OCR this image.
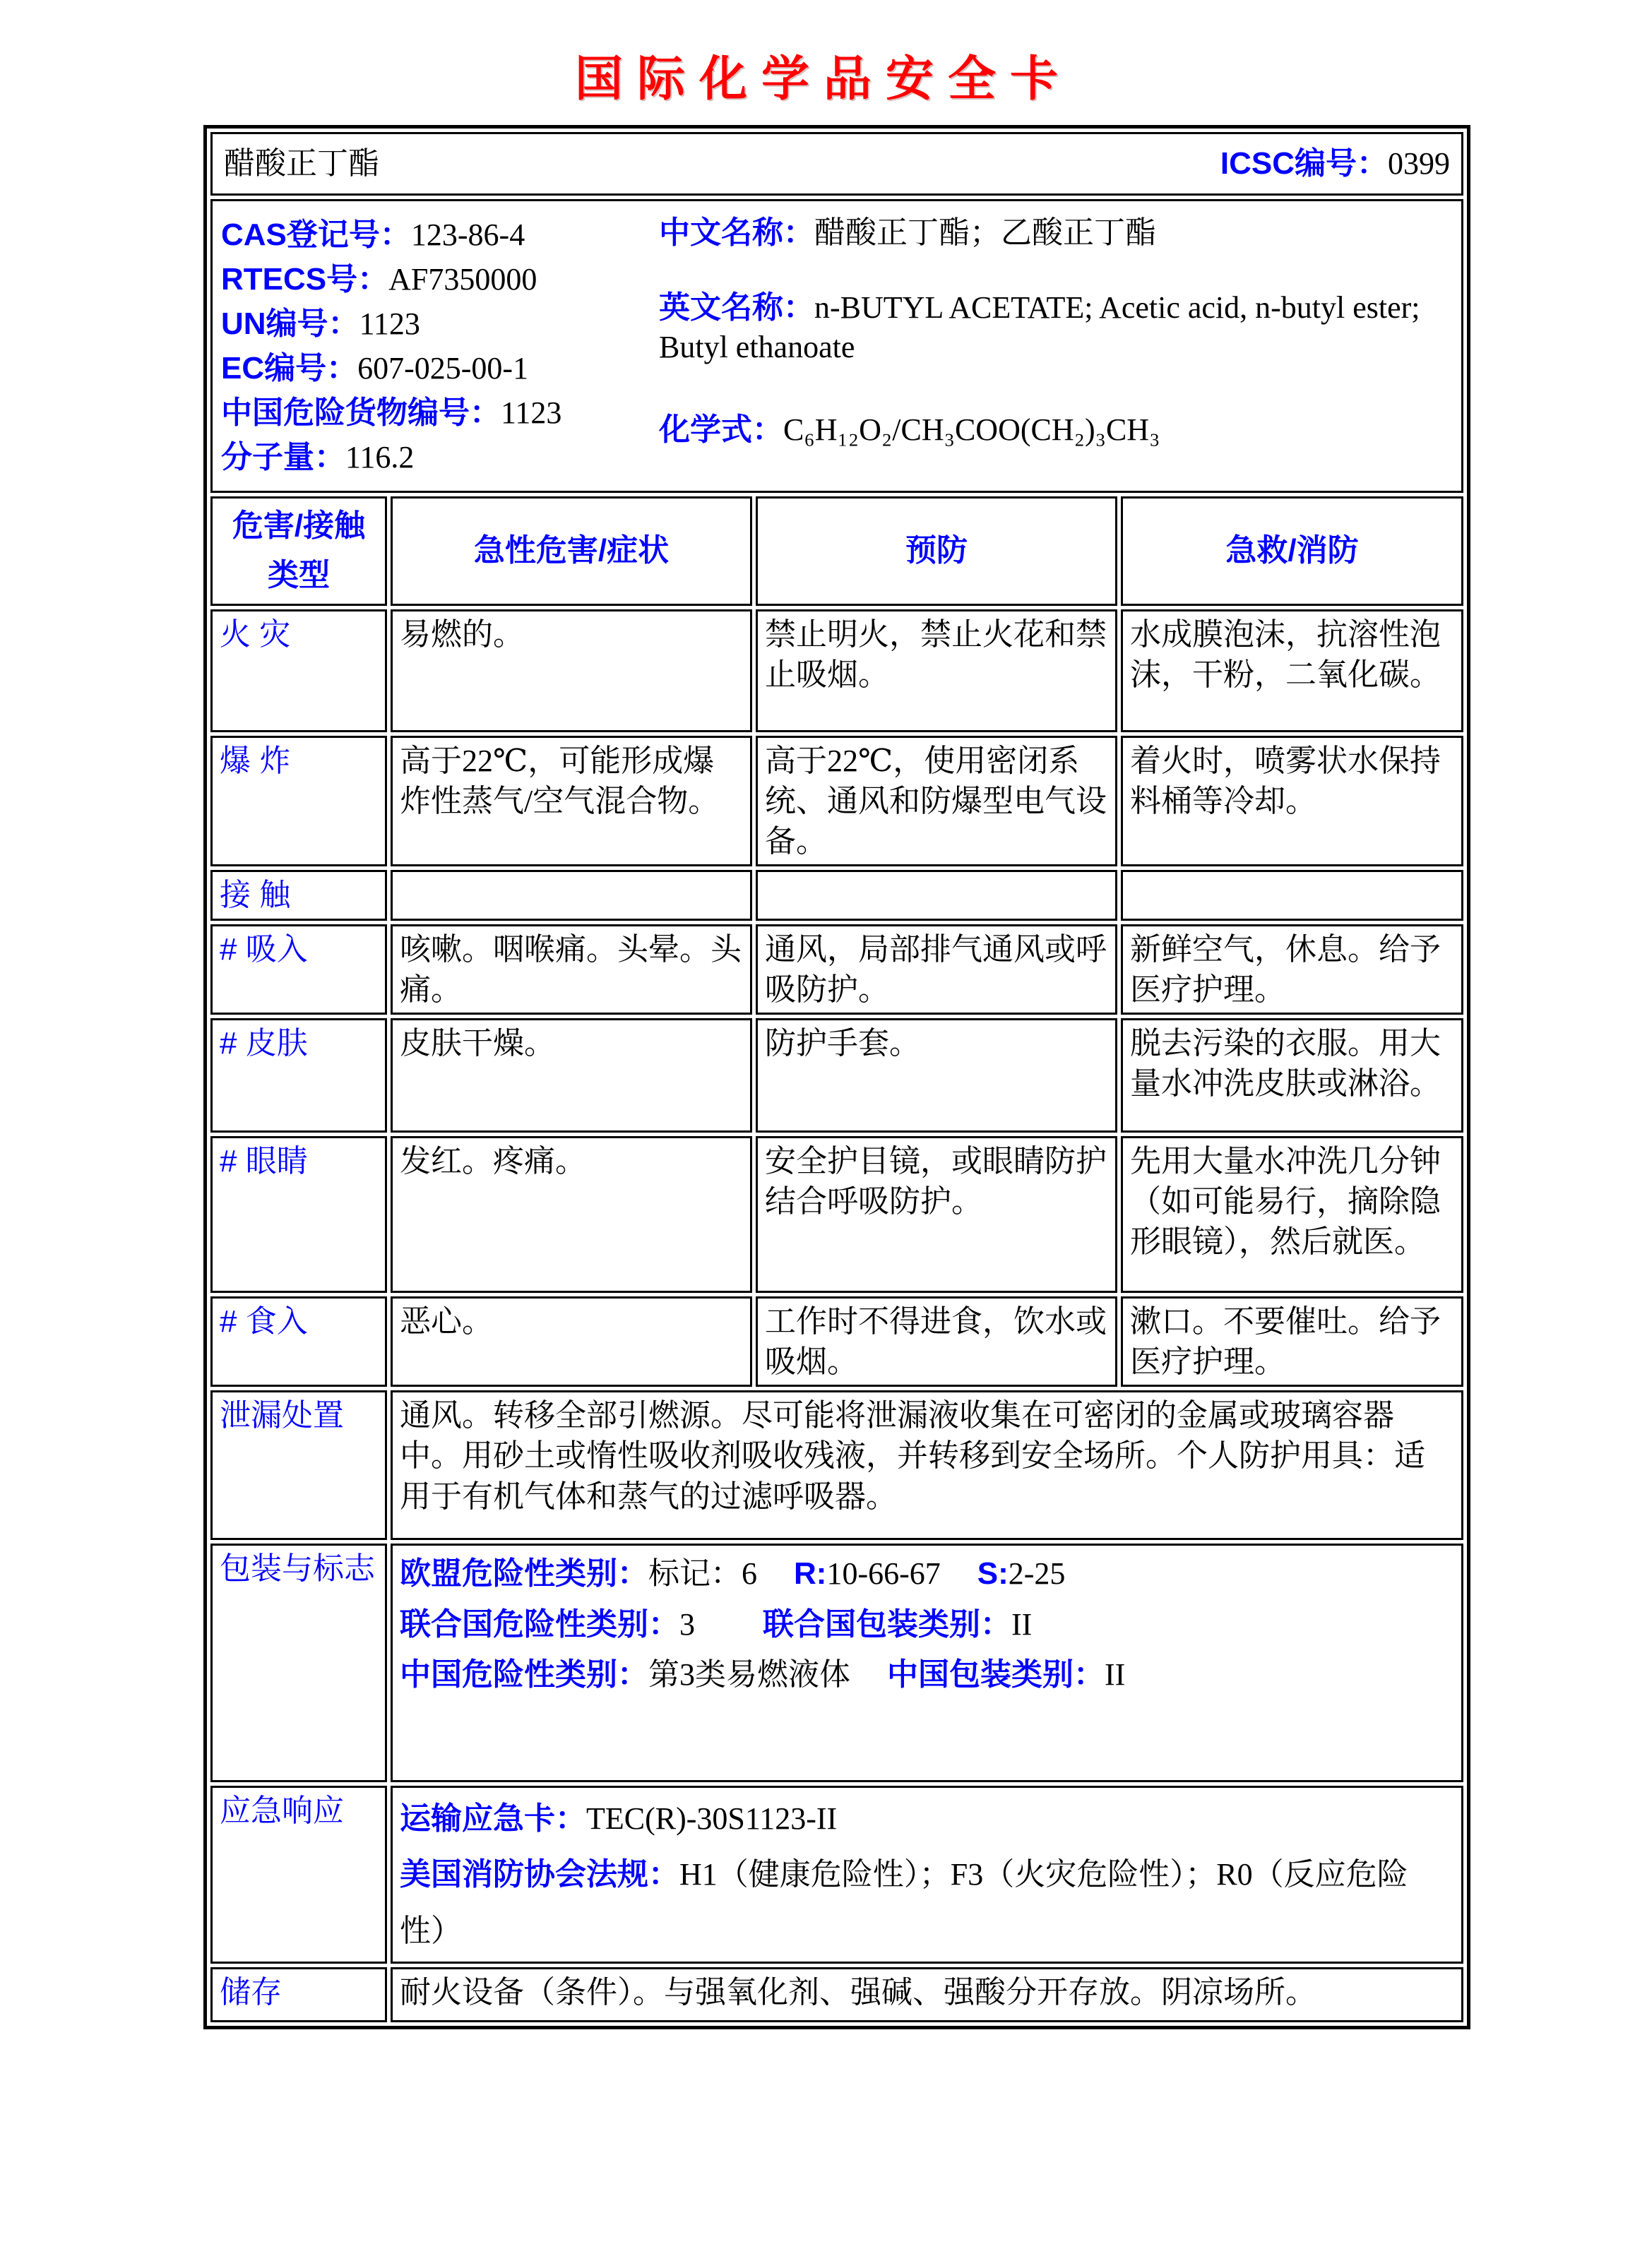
国际化学品安全卡
醋酸正丁酯 ICSC编号：0399			

CAS登记号：123-86-4
RTECS号：AF7350000
UN编号：1123
EC编号：607-025-00-1
中国危险货物编号：1123
分子量：116.2
中文名称：醋酸正丁酯；乙酸正丁酯
英文名称：n-BUTYL ACETATE; Acetic acid, n-butyl ester; Butyl ethanoate
化学式：C₆H₁₂O₂/CH₃COO(CH₂)₃CH₃

危害/接触
类型	急性危害/症状	预防	急救/消防
火 灾	易燃的。	禁止明火，禁止火花和禁止吸烟。	水成膜泡沫，抗溶性泡沫，干粉，二氧化碳。
爆 炸	高于22℃，可能形成爆炸性蒸气/空气混合物。	高于22℃，使用密闭系统、通风和防爆型电气设备。	着火时，喷雾状水保持料桶等冷却。
接 触			
# 吸入	咳嗽。咽喉痛。头晕。头痛。	通风，局部排气通风或呼吸防护。	新鲜空气，休息。给予医疗护理。
# 皮肤	皮肤干燥。	防护手套。	脱去污染的衣服。用大量水冲洗皮肤或淋浴。
# 眼睛	发红。疼痛。	安全护目镜，或眼睛防护结合呼吸防护。	先用大量水冲洗几分钟（如可能易行，摘除隐形眼镜），然后就医。
# 食入	恶心。	工作时不得进食，饮水或吸烟。	漱口。不要催吐。给予医疗护理。
泄漏处置	通风。转移全部引燃源。尽可能将泄漏液收集在可密闭的金属或玻璃容器中。用砂土或惰性吸收剂吸收残液，并转移到安全场所。个人防护用具：适用于有机气体和蒸气的过滤呼吸器。		
包装与标志	欧盟危险性类别：标记：6 R:10-66-67 S:2-25
联合国危险性类别：3 联合国包装类别：II
中国危险性类别：第3类易燃液体 中国包装类别：II		

应急响应	运输应急卡：TEC(R)-30S1123-II
美国消防协会法规：H1（健康危险性）；F3（火灾危险性）；R0（反应危险性）		

储存	耐火设备（条件）。与强氧化剂、强碱、强酸分开存放。阴凉场所。		
